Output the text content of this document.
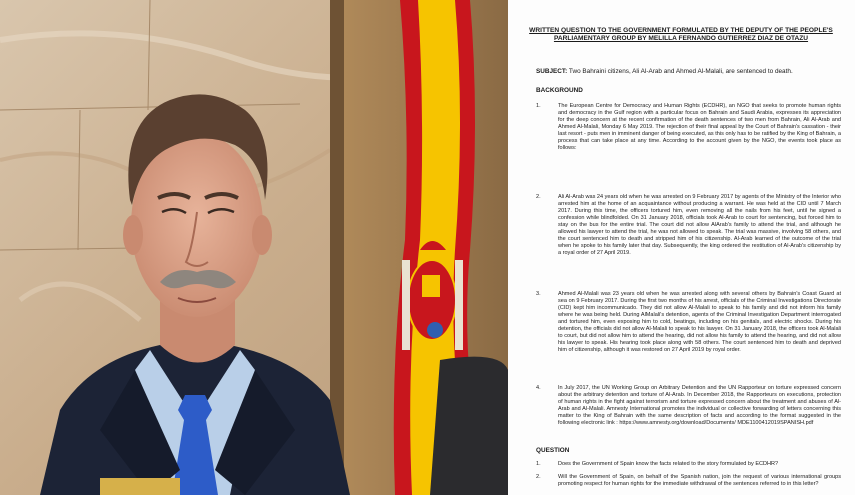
WRITTEN QUESTION TO THE GOVERNMENT FORMULATED BY THE DEPUTY OF THE PEOPLE'S PARLIAMENTARY GROUP BY MELILLA FERNANDO GUTIERREZ DIAZ DE OTAZU
SUBJECT: Two Bahraini citizens, Ali Al-Arab and Ahmed Al-Malali, are sentenced to death.
BACKGROUND
1.	The European Centre for Democracy and Human Rights (ECDHR), an NGO that seeks to promote human rights and democracy in the Gulf region with a particular focus on Bahrain and Saudi Arabia, expresses its appreciation for the deep concern at the recent confirmation of the death sentences of two men from Bahrain, Ali Al-Arab and Ahmed Al-Malali, Monday 6 May 2019. The rejection of their final appeal by the Court of Bahrain's cassation - their last resort - puts men in imminent danger of being executed, as this only has to be ratified by the King of Bahrain, a process that can take place at any time. According to the account given by the NGO, the events took place as follows:
2.	Ali Al-Arab was 24 years old when he was arrested on 9 February 2017 by agents of the Ministry of the Interior who arrested him at the home of an acquaintance without producing a warrant. He was held at the CID until 7 March 2017. During this time, the officers tortured him, even removing all the nails from his feet, until he signed a confession while blindfolded. On 31 January 2018, officials took Al-Arab to court for sentencing, but forced him to stay on the bus for the entire trial. The court did not allow AlArab's family to attend the trial, and although he allowed his lawyer to attend the trial, he was not allowed to speak. The trial was massive, involving 58 others, and the court sentenced him to death and stripped him of his citizenship. Al-Arab learned of the outcome of the trial when he spoke to his family later that day. Subsequently, the king ordered the restitution of Al-Arab's citizenship by a royal order of 27 April 2019.
3.	Ahmed Al-Malali was 23 years old when he was arrested along with several others by Bahrain's Coast Guard at sea on 9 February 2017. During the first two months of his arrest, officials of the Criminal Investigations Directorate (CID) kept him incommunicado. They did not allow Al-Malali to speak to his family and did not inform his family where he was being held. During AlMalali's detention, agents of the Criminal Investigation Department interrogated and tortured him, even exposing him to cold, beatings, including on his genitals, and electric shocks. During his detention, the officials did not allow Al-Malali to speak to his lawyer. On 31 January 2018, the officers took Al-Malali to court, but did not allow him to attend the hearing, did not allow his family to attend the hearing, and did not allow his lawyer to speak. His hearing took place along with 58 others. The court sentenced him to death and deprived him of citizenship, although it was restored on 27 April 2019 by royal order.
4.	In July 2017, the UN Working Group on Arbitrary Detention and the UN Rapporteur on torture expressed concern about the arbitrary detention and torture of Al-Arab. In December 2018, the Rapporteurs on executions, protection of human rights in the fight against terrorism and torture expressed concern about the treatment and abuses of Al-Arab and Al-Malali. Amnesty International promotes the individual or collective forwarding of letters concerning this matter to the King of Bahrain with the same description of facts and according to the format suggested in the following electronic link : https://www.amnesty.org/download/Documents/ MDE1100412019SPANISH.pdf
QUESTION
1.	Does the Government of Spain know the facts related to the story formulated by ECDHR?
2.	Will the Government of Spain, on behalf of the Spanish nation, join the request of various international groups promoting respect for human rights for the immediate withdrawal of the sentences referred to in this letter?
